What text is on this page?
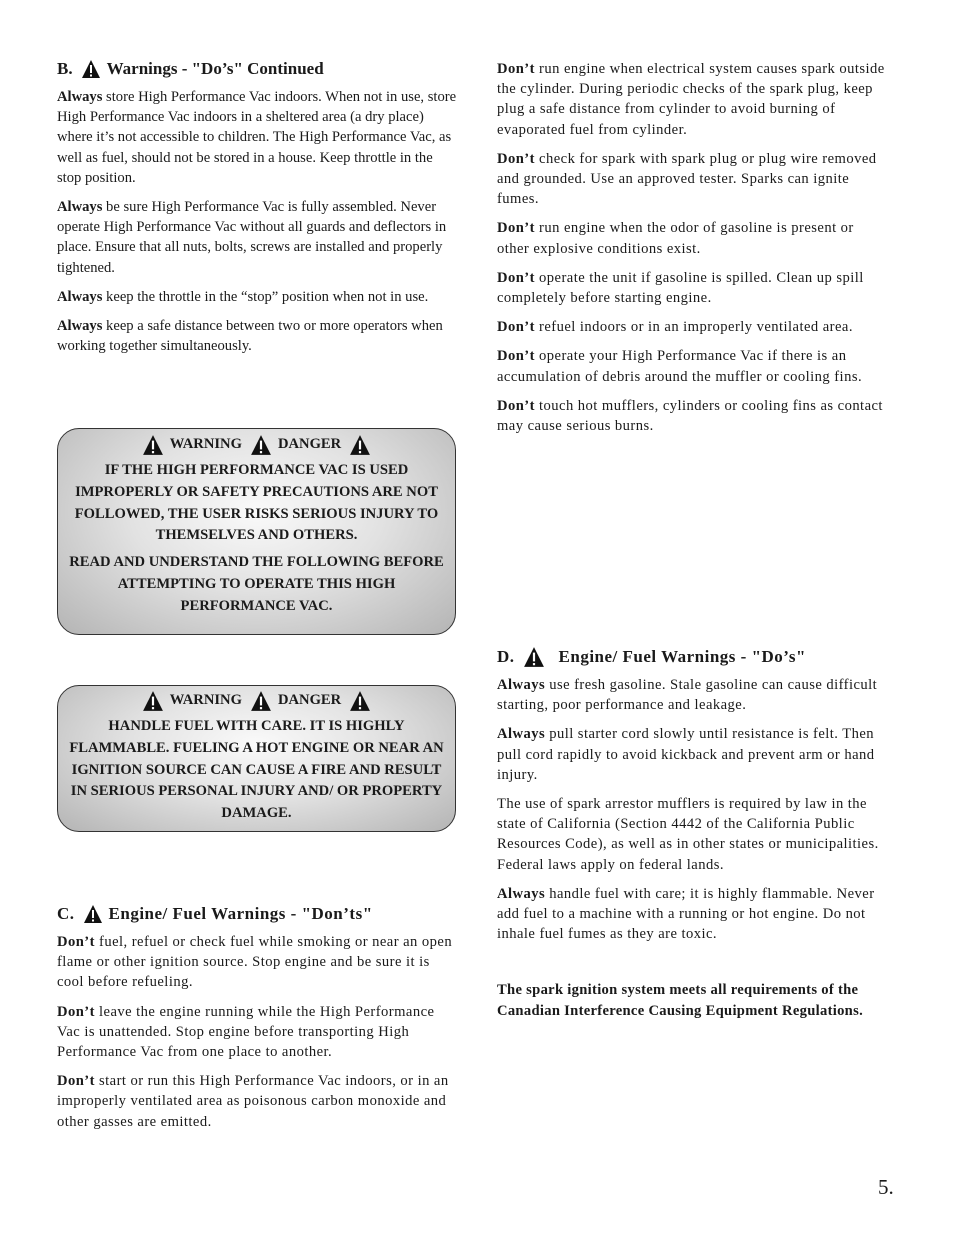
B. Warnings - "Do’s" Continued

Always store High Performance Vac indoors. When not in use, store High Performance Vac indoors in a sheltered area (a dry place) where it’s not accessible to children. The High Performance Vac, as well as fuel, should not be stored in a house. Keep throttle in the stop position.

Always be sure High Performance Vac is fully assembled. Never operate High Performance Vac without all guards and deflectors in place. Ensure that all nuts, bolts, screws are installed and properly tightened.

Always keep the throttle in the “stop” position when not in use.

Always keep a safe distance between two or more operators when working together simultaneously.

WARNING DANGER
IF THE HIGH PERFORMANCE VAC IS USED IMPROPERLY OR SAFETY PRECAUTIONS ARE NOT FOLLOWED, THE USER RISKS SERIOUS INJURY TO THEMSELVES AND OTHERS.
READ AND UNDERSTAND THE FOLLOWING BEFORE ATTEMPTING TO OPERATE THIS HIGH PERFORMANCE VAC.
WARNING DANGER
HANDLE FUEL WITH CARE. IT IS HIGHLY FLAMMABLE. FUELING A HOT ENGINE OR NEAR AN IGNITION SOURCE CAN CAUSE A FIRE AND RESULT IN SERIOUS PERSONAL INJURY AND/ OR PROPERTY DAMAGE.
C. Engine/ Fuel Warnings - "Don’ts"

Don’t fuel, refuel or check fuel while smoking or near an open flame or other ignition source. Stop engine and be sure it is cool before refueling.

Don’t leave the engine running while the High Performance Vac is unattended. Stop engine before transporting High Performance Vac from one place to another.

Don’t start or run this High Performance Vac indoors, or in an improperly ventilated area as poisonous carbon monoxide and other gasses are emitted.

Don’t run engine when electrical system causes spark outside the cylinder. During periodic checks of the spark plug, keep plug a safe distance from cylinder to avoid burning of evaporated fuel from cylinder.

Don’t check for spark with spark plug or plug wire removed and grounded. Use an approved tester. Sparks can ignite fumes.

Don’t run engine when the odor of gasoline is present or other explosive conditions exist.

Don’t operate the unit if gasoline is spilled. Clean up spill completely before starting engine.

Don’t refuel indoors or in an improperly ventilated area.

Don’t operate your High Performance Vac if there is an accumulation of debris around the muffler or cooling fins.

Don’t touch hot mufflers, cylinders or cooling fins as contact may cause serious burns.

D.	Engine/ Fuel Warnings - "Do’s"

Always use fresh gasoline. Stale gasoline can cause difficult starting, poor performance and leakage.

Always pull starter cord slowly until resistance is felt. Then pull cord rapidly to avoid kickback and prevent arm or hand injury.

The use of spark arrestor mufflers is required by law in the state of California (Section 4442 of the California Public Resources Code), as well as in other states or municipalities. Federal laws apply on federal lands.

Always handle fuel with care; it is highly flammable. Never add fuel to a machine with a running or hot engine. Do not inhale fuel fumes as they are toxic.

The spark ignition system meets all requirements of the Canadian Interference Causing Equipment Regulations.

5.
